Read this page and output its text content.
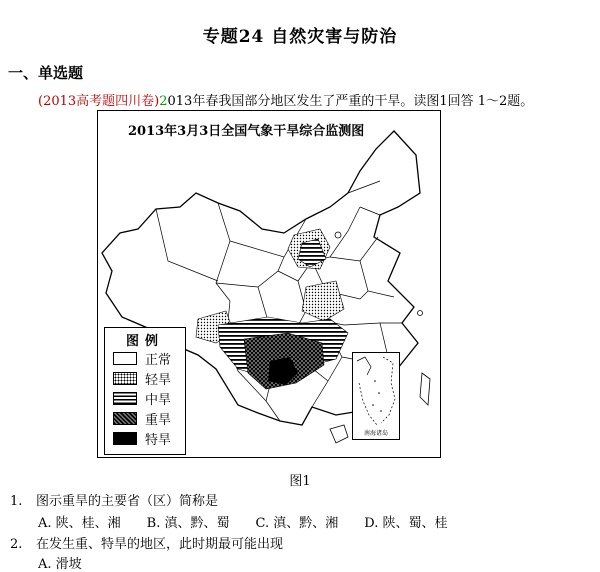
专题24 自然灾害与防治
一、单选题
(2013高考题四川卷)2013年春我国部分地区发生了严重的干旱。读图1回答 1～2题。
2013年3月3日全国气象干旱综合监测图
图例
正常
轻旱
中旱
重旱
特旱	南海诸岛
图1
1. 图示重旱的主要省（区）简称是
A. 陕、桂、湘 B. 滇、黔、蜀 C. 滇、黔、湘 D. 陕、蜀、桂
2. 在发生重、特旱的地区，此时期最可能出现
A. 滑坡
